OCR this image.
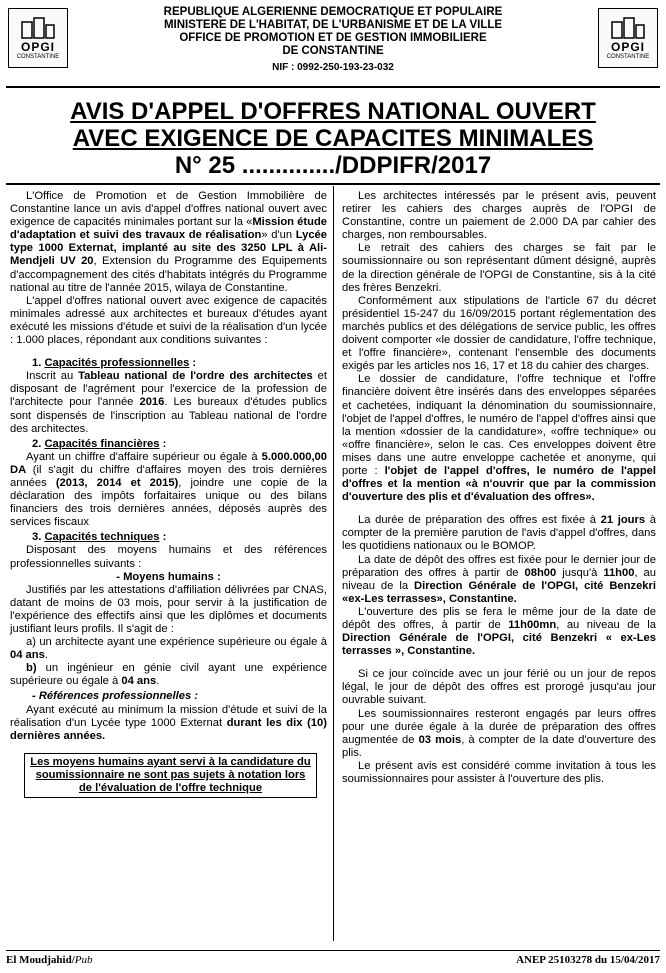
OPGI
CONSTANTINE
OPGI
CONSTANTINE
REPUBLIQUE ALGERIENNE DEMOCRATIQUE ET POPULAIRE
MINISTERE DE L'HABITAT, DE L'URBANISME ET DE LA VILLE
OFFICE DE PROMOTION ET DE GESTION IMMOBILIERE
DE CONSTANTINE
NIF : 0992-250-193-23-032
AVIS D'APPEL D'OFFRES NATIONAL OUVERT
AVEC EXIGENCE DE CAPACITES MINIMALES
N° 25 ............../DDPIFR/2017

L'Office de Promotion et de Gestion Immobilière de Constantine lance un avis d'appel d'offres national ouvert avec exigence de capacités minimales portant sur la «Mission étude d'adaptation et suivi des travaux de réalisation» d'un Lycée type 1000 Externat, implanté au site des 3250 LPL à Ali-Mendjeli UV 20, Extension du Programme des Equipements d'accompagnement des cités d'habitats intégrés du Programme national au titre de l'année 2015, wilaya de Constantine.

L'appel d'offres national ouvert avec exigence de capacités minimales adressé aux architectes et bureaux d'études ayant exécuté les missions d'étude et suivi de la réalisation d'un lycée : 1.000 places, répondant aux conditions suivantes :

1. Capacités professionnelles :

Inscrit au Tableau national de l'ordre des architectes et disposant de l'agrément pour l'exercice de la profession de l'architecte pour l'année 2016. Les bureaux d'études publics sont dispensés de l'inscription au Tableau national de l'ordre des architectes.

2. Capacités financières :

Ayant un chiffre d'affaire supérieur ou égale à 5.000.000,00 DA (il s'agit du chiffre d'affaires moyen des trois dernières années (2013, 2014 et 2015), joindre une copie de la déclaration des impôts forfaitaires unique ou des bilans financiers des trois dernières années, déposés auprès des services fiscaux

3. Capacités techniques :

Disposant des moyens humains et des références professionnelles suivants :

- Moyens humains :

Justifiés par les attestations d'affiliation délivrées par CNAS, datant de moins de 03 mois, pour servir à la justification de l'expérience des effectifs ainsi que les diplômes et documents justifiant leurs profils. Il s'agit de :

a) un architecte ayant une expérience supérieure ou égale à 04 ans.

b) un ingénieur en génie civil ayant une expérience supérieure ou égale à 04 ans.

- Références professionnelles :

Ayant exécuté au minimum la mission d'étude et suivi de la réalisation d'un Lycée type 1000 Externat durant les dix (10) dernières années.

Les moyens humains ayant servi à la candidature du soumissionnaire ne sont pas sujets à notation lors de l'évaluation de l'offre technique

Les architectes intéressés par le présent avis, peuvent retirer les cahiers des charges auprès de l'OPGI de Constantine, contre un paiement de 2.000 DA par cahier des charges, non remboursables.

Le retrait des cahiers des charges se fait par le soumissionnaire ou son représentant dûment désigné, auprès de la direction générale de l'OPGI de Constantine, sis à la cité des frères Benzekri.

Conformément aux stipulations de l'article 67 du décret présidentiel 15-247 du 16/09/2015 portant réglementation des marchés publics et des délégations de service public, les offres doivent comporter «le dossier de candidature, l'offre technique, et l'offre financière», contenant l'ensemble des documents exigés par les articles nos 16, 17 et 18 du cahier des charges.

Le dossier de candidature, l'offre technique et l'offre financière doivent être insérés dans des enveloppes séparées et cachetées, indiquant la dénomination du soumissionnaire, l'objet de l'appel d'offres, le numéro de l'appel d'offres ainsi que la mention «dossier de la candidature», «offre technique» ou «offre financière», selon le cas. Ces enveloppes doivent être mises dans une autre enveloppe cachetée et anonyme, qui porte : l'objet de l'appel d'offres, le numéro de l'appel d'offres et la mention «à n'ouvrir que par la commission d'ouverture des plis et d'évaluation des offres».

La durée de préparation des offres est fixée à 21 jours à compter de la première parution de l'avis d'appel d'offres, dans les quotidiens nationaux ou le BOMOP.

La date de dépôt des offres est fixée pour le dernier jour de préparation des offres à partir de 08h00 jusqu'à 11h00, au niveau de la Direction Générale de l'OPGI, cité Benzekri «ex-Les terrasses», Constantine.

L'ouverture des plis se fera le même jour de la date de dépôt des offres, à partir de 11h00mn, au niveau de la Direction Générale de l'OPGI, cité Benzekri « ex-Les terrasses », Constantine.

Si ce jour coïncide avec un jour férié ou un jour de repos légal, le jour de dépôt des offres est prorogé jusqu'au jour ouvrable suivant.

Les soumissionnaires resteront engagés par leurs offres pour une durée égale à la durée de préparation des offres augmentée de 03 mois, à compter de la date d'ouverture des plis.

Le présent avis est considéré comme invitation à tous les soumissionnaires pour assister à l'ouverture des plis.

El Moudjahid/Pub	ANEP 25103278 du 15/04/2017
